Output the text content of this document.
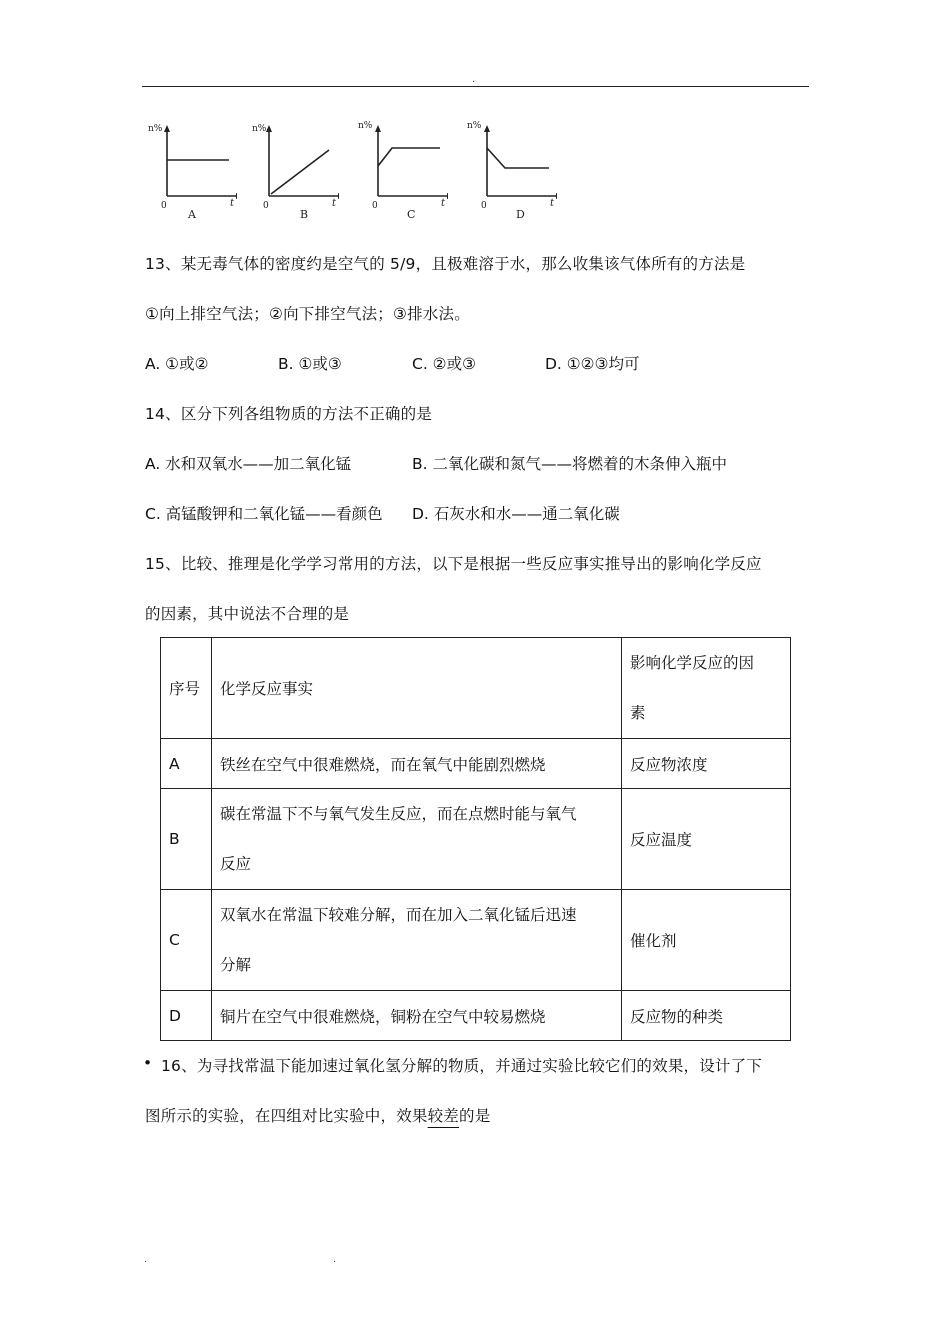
.
n%
t
0
A
n%
t
0
B
n%
t
0
C
n%
t
0
D
13、某无毒气体的密度约是空气的 5/9，且极难溶于水，那么收集该气体所有的方法是
①向上排空气法；②向下排空气法；③排水法。
A. ①或②	B. ①或③	C. ②或③	D. ①②③均可
14、区分下列各组物质的方法不正确的是
A. 水和双氧水——加二氧化锰	B. 二氧化碳和氮气——将燃着的木条伸入瓶中
C. 高锰酸钾和二氧化锰——看颜色 D. 石灰水和水——通二氧化碳
15、比较、推理是化学学习常用的方法，以下是根据一些反应事实推导出的影响化学反应
的因素，其中说法不合理的是
序号	化学反应事实	影响化学反应的因
素
A	铁丝在空气中很难燃烧，而在氧气中能剧烈燃烧	反应物浓度
B	碳在常温下不与氧气发生反应，而在点燃时能与氧气
反应	反应温度
C	双氧水在常温下较难分解，而在加入二氧化锰后迅速
分解	催化剂
D	铜片在空气中很难燃烧，铜粉在空气中较易燃烧	反应物的种类
• 16、为寻找常温下能加速过氧化氢分解的物质，并通过实验比较它们的效果，设计了下
图所示的实验，在四组对比实验中，效果较差的是
.	.
